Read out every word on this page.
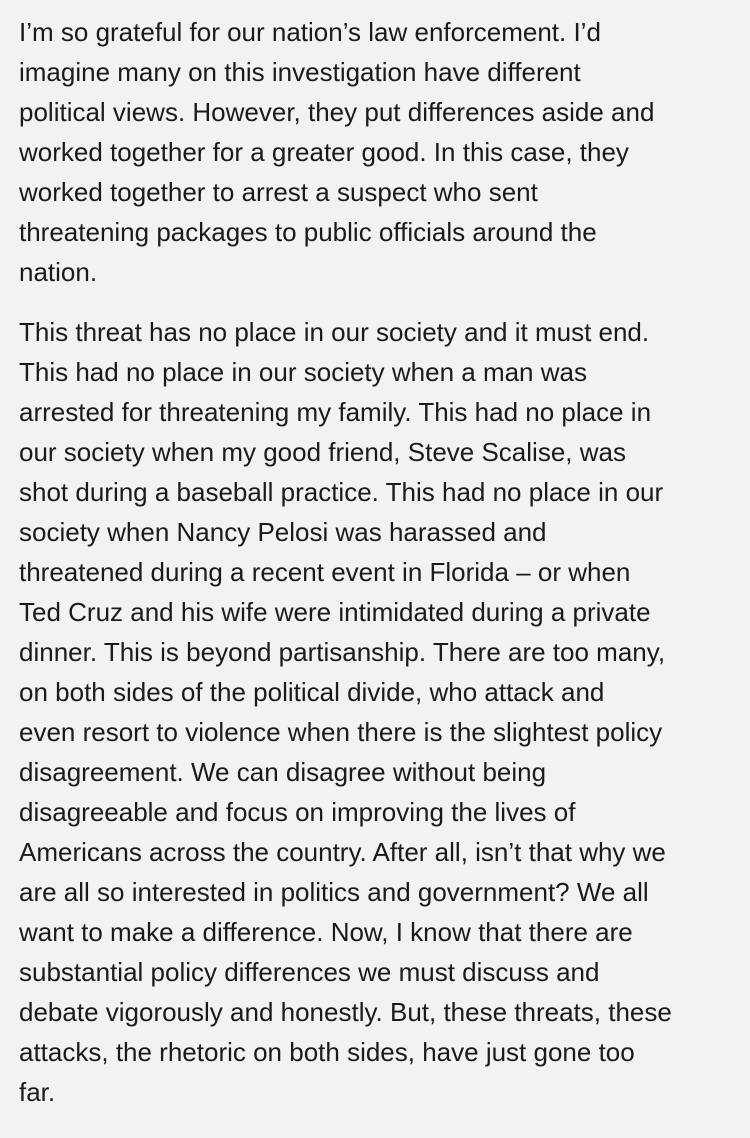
I’m so grateful for our nation’s law enforcement. I’d
imagine many on this investigation have different
political views. However, they put differences aside and
worked together for a greater good. In this case, they
worked together to arrest a suspect who sent
threatening packages to public officials around the
nation.

This threat has no place in our society and it must end.
This had no place in our society when a man was
arrested for threatening my family. This had no place in
our society when my good friend, Steve Scalise, was
shot during a baseball practice. This had no place in our
society when Nancy Pelosi was harassed and
threatened during a recent event in Florida – or when
Ted Cruz and his wife were intimidated during a private
dinner. This is beyond partisanship. There are too many,
on both sides of the political divide, who attack and
even resort to violence when there is the slightest policy
disagreement. We can disagree without being
disagreeable and focus on improving the lives of
Americans across the country. After all, isn’t that why we
are all so interested in politics and government? We all
want to make a difference. Now, I know that there are
substantial policy differences we must discuss and
debate vigorously and honestly. But, these threats, these
attacks, the rhetoric on both sides, have just gone too
far.
